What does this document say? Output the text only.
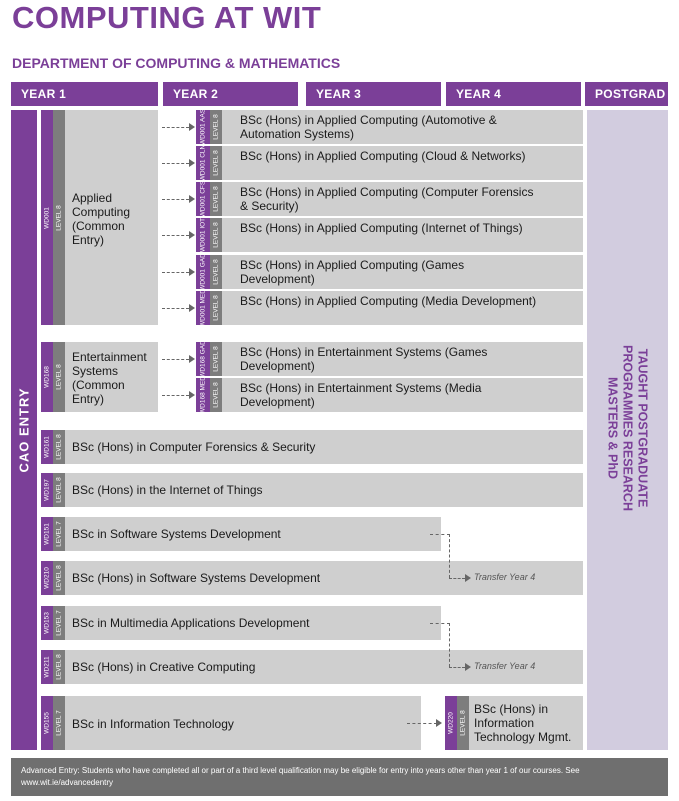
COMPUTING AT WIT
DEPARTMENT OF COMPUTING & MATHEMATICS
YEAR 1	YEAR 2	YEAR 3	YEAR 4	POSTGRAD
CAO ENTRY	TAUGHT POSTGRADUATE PROGRAMMES RESEARCH MASTERS & PhD
WD001 LEVEL 8
Applied Computing (Common Entry)
WD168 LEVEL 8
Entertainment Systems (Common Entry)
WD001 AAS LEVEL 8 BSc (Hons) in Applied Computing (Automotive & Automation Systems)
WD001 CLN LEVEL 8 BSc (Hons) in Applied Computing (Cloud & Networks)
WD001 CFS LEVEL 8 BSc (Hons) in Applied Computing (Computer Forensics & Security)
WD001 IOT LEVEL 8 BSc (Hons) in Applied Computing (Internet of Things)
WD001 GAD LEVEL 8 BSc (Hons) in Applied Computing (Games Development)
WD001 MED LEVEL 8 BSc (Hons) in Applied Computing (Media Development)
WD168 GAD LEVEL 8 BSc (Hons) in Entertainment Systems (Games Development)
WD168 MED LEVEL 8 BSc (Hons) in Entertainment Systems (Media Development)
WD161 LEVEL 8 BSc (Hons) in Computer Forensics & Security
WD197 LEVEL 8 BSc (Hons) in the Internet of Things
WD151 LEVEL 7 BSc in Software Systems Development
WD210 LEVEL 8 BSc (Hons) in Software Systems Development
WD153 LEVEL 7 BSc in Multimedia Applications Development
WD211 LEVEL 8 BSc (Hons) in Creative Computing
WD155 LEVEL 7 BSc in Information Technology	WD220 LEVEL 8
BSc (Hons) in Information Technology Mgmt.
Transfer Year 4
Transfer Year 4
Advanced Entry: Students who have completed all or part of a third level qualification may be eligible for entry into years other than year 1 of our courses. See www.wit.ie/advancedentry
